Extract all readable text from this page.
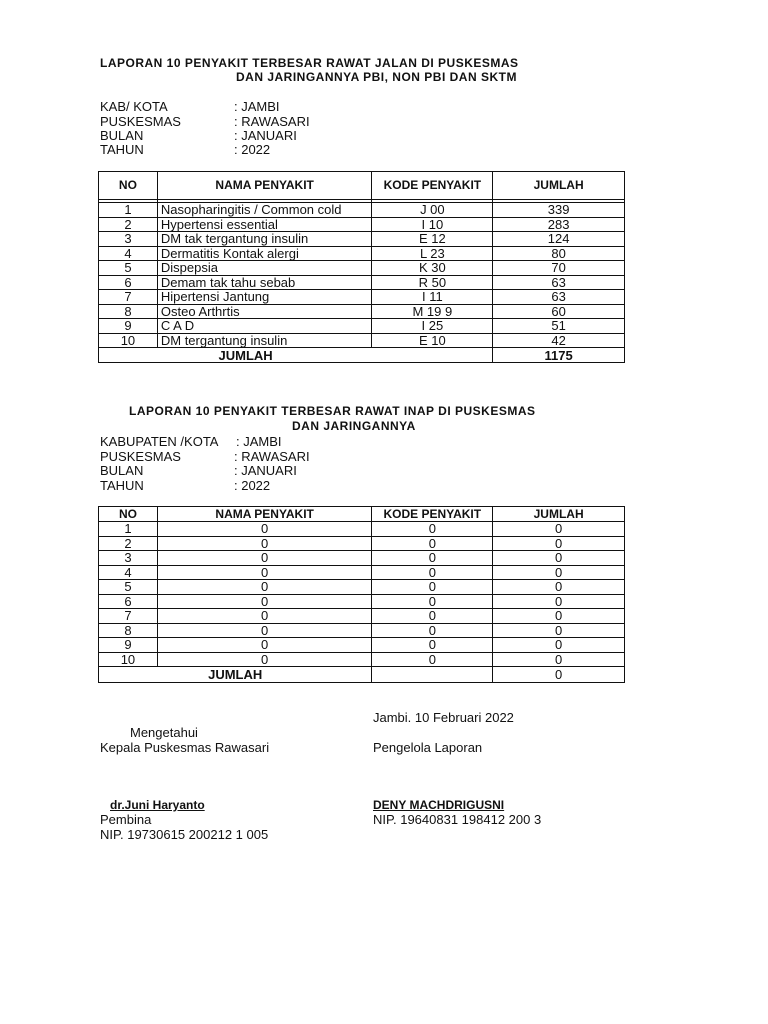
LAPORAN 10 PENYAKIT TERBESAR RAWAT JALAN DI PUSKESMAS
DAN JARINGANNYA PBI, NON PBI DAN SKTM
KAB/ KOTA	: JAMBI
PUSKESMAS	: RAWASARI
BULAN	: JANUARI
TAHUN	: 2022
NO	NAMA PENYAKIT	KODE PENYAKIT	JUMLAH

1	Nasopharingitis / Common cold	J 00	339
2	Hypertensi essential	I 10	283
3	DM tak tergantung insulin	E 12	124
4	Dermatitis Kontak alergi	L 23	80
5	Dispepsia	K 30	70
6	Demam tak tahu sebab	R 50	63
7	Hipertensi Jantung	I 11	63
8	Osteo Arthrtis	M 19 9	60
9	C A D	I 25	51
10	DM tergantung insulin	E 10	42
JUMLAH			1175
LAPORAN 10 PENYAKIT TERBESAR RAWAT INAP DI PUSKESMAS
DAN JARINGANNYA
KABUPATEN /KOTA : JAMBI
PUSKESMAS	: RAWASARI
BULAN	: JANUARI
TAHUN	: 2022
NO	NAMA PENYAKIT	KODE PENYAKIT	JUMLAH
1	0	0	0
2	0	0	0
3	0	0	0
4	0	0	0
5	0	0	0
6	0	0	0
7	0	0	0
8	0	0	0
9	0	0	0
10	0	0	0
JUMLAH			0
Jambi. 10 Februari 2022
Mengetahui
Kepala Puskesmas Rawasari	Pengelola Laporan
dr.Juni Haryanto	DENY MACHDRIGUSNI
Pembina	NIP. 19640831 198412 200 3
NIP. 19730615 200212 1 005
